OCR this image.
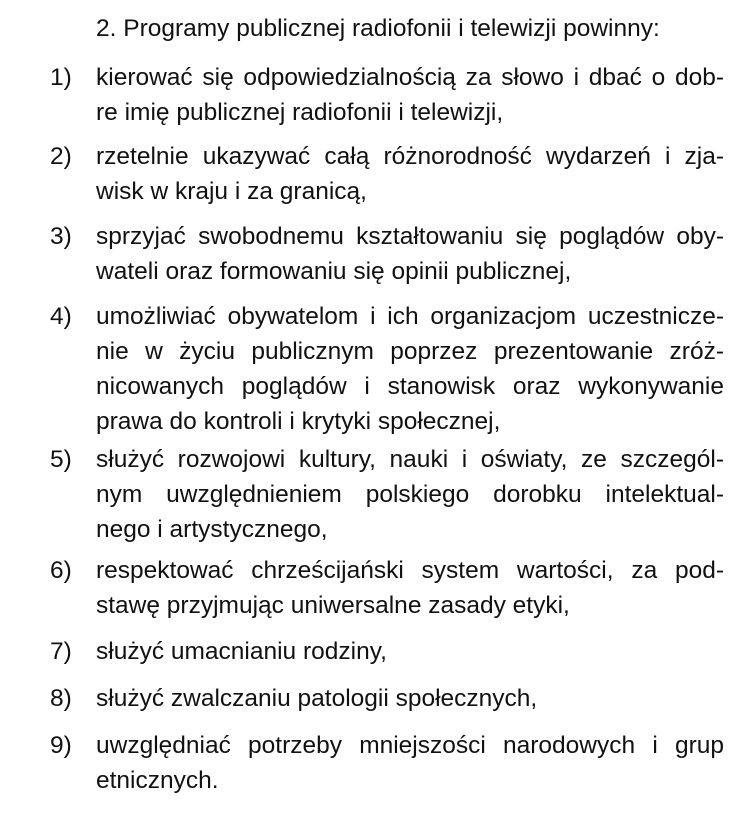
2. Programy publicznej radiofonii i telewizji powinny:
1) kierować się odpowiedzialnością za słowo i dbać o dob-
re imię publicznej radiofonii i telewizji,
2) rzetelnie ukazywać całą różnorodność wydarzeń i zja-
wisk w kraju i za granicą,
3) sprzyjać swobodnemu kształtowaniu się poglądów oby-
wateli oraz formowaniu się opinii publicznej,
4) umożliwiać obywatelom i ich organizacjom uczestnicze-
nie w życiu publicznym poprzez prezentowanie zróż-
nicowanych poglądów i stanowisk oraz wykonywanie
prawa do kontroli i krytyki społecznej,
5) służyć rozwojowi kultury, nauki i oświaty, ze szczegól-
nym uwzględnieniem polskiego dorobku intelektual-
nego i artystycznego,
6) respektować chrześcijański system wartości, za pod-
stawę przyjmując uniwersalne zasady etyki,
7) służyć umacnianiu rodziny,
8) służyć zwalczaniu patologii społecznych,
9) uwzględniać potrzeby mniejszości narodowych i grup
etnicznych.
